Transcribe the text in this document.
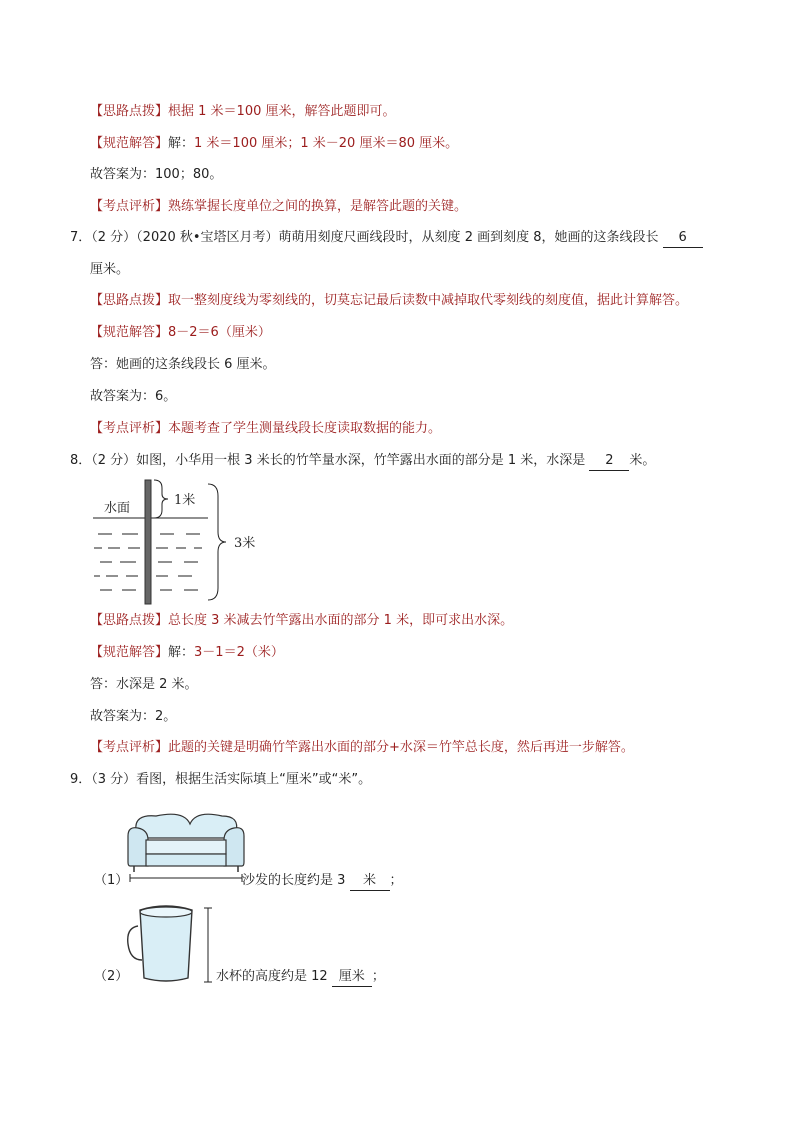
【思路点拨】根据 1 米＝100 厘米，解答此题即可。
【规范解答】解：1 米＝100 厘米；1 米－20 厘米＝80 厘米。
故答案为：100；80。
【考点评析】熟练掌握长度单位之间的换算，是解答此题的关键。
7．（2 分）（2020 秋•宝塔区月考）萌萌用刻度尺画线段时，从刻度 2 画到刻度 8，她画的这条线段长 6
厘米。
【思路点拨】取一整刻度线为零刻线的，切莫忘记最后读数中减掉取代零刻线的刻度值，据此计算解答。
【规范解答】8－2＝6（厘米）
答：她画的这条线段长 6 厘米。
故答案为：6。
【考点评析】本题考查了学生测量线段长度读取数据的能力。
8．（2 分）如图，小华用一根 3 米长的竹竿量水深，竹竿露出水面的部分是 1 米，水深是 2 米。
水面
1米
3米
【思路点拨】总长度 3 米减去竹竿露出水面的部分 1 米，即可求出水深。
【规范解答】解：3－1＝2（米）
答：水深是 2 米。
故答案为：2。
【考点评析】此题的关键是明确竹竿露出水面的部分+水深＝竹竿总长度，然后再进一步解答。
9．（3 分）看图，根据生活实际填上“厘米”或“米”。
（1）	沙发的长度约是 3 米 ；
（2）	水杯的高度约是 12 厘米 ；
